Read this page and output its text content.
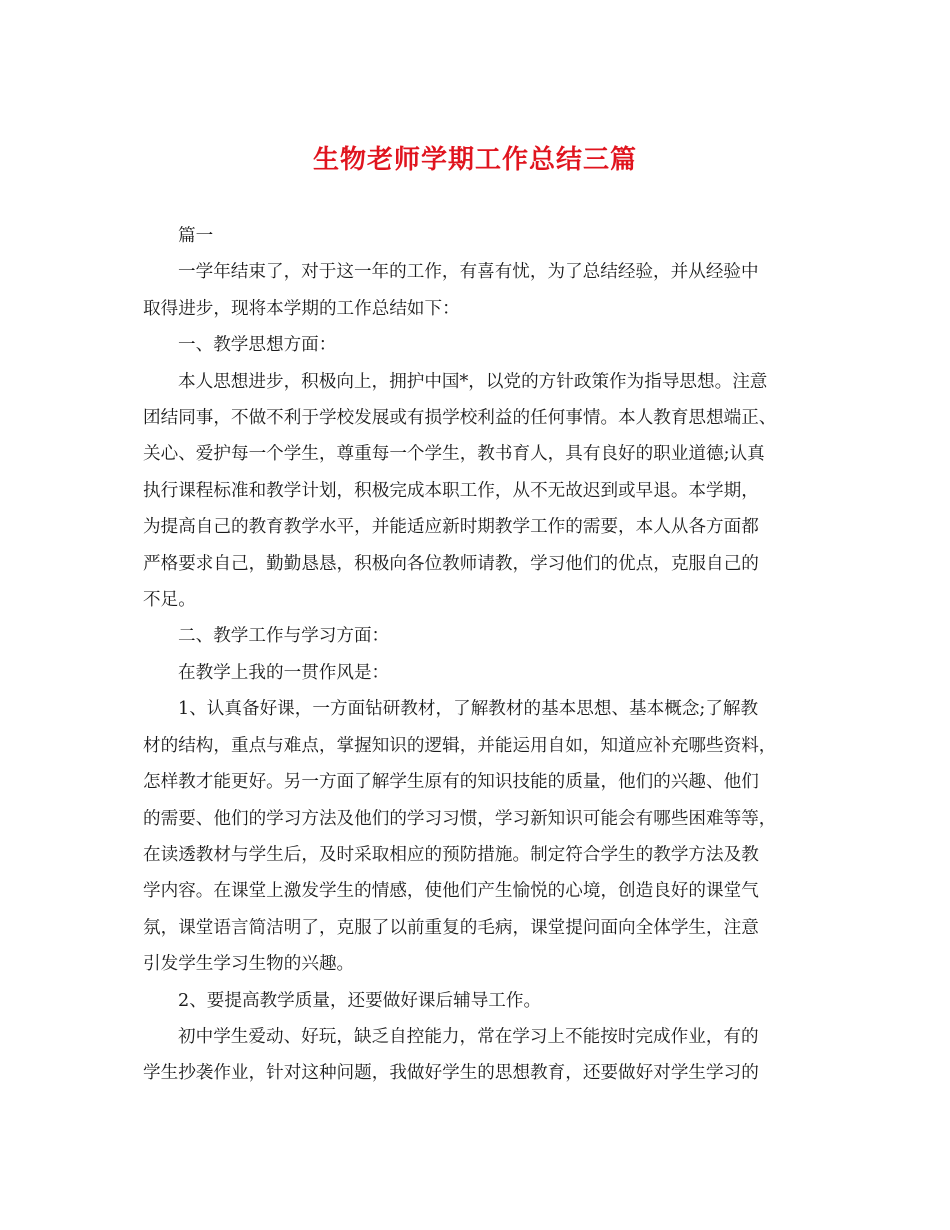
生物老师学期工作总结三篇
篇一
一学年结束了，对于这一年的工作，有喜有忧，为了总结经验，并从经验中
取得进步，现将本学期的工作总结如下：
一、教学思想方面：
本人思想进步，积极向上，拥护中国*，以党的方针政策作为指导思想。注意
团结同事，不做不利于学校发展或有损学校利益的任何事情。本人教育思想端正、
关心、爱护每一个学生，尊重每一个学生，教书育人，具有良好的职业道德;认真
执行课程标准和教学计划，积极完成本职工作，从不无故迟到或早退。本学期，
为提高自己的教育教学水平，并能适应新时期教学工作的需要，本人从各方面都
严格要求自己，勤勤恳恳，积极向各位教师请教，学习他们的优点，克服自己的
不足。
二、教学工作与学习方面：
在教学上我的一贯作风是：
1、认真备好课，一方面钻研教材，了解教材的基本思想、基本概念;了解教
材的结构，重点与难点，掌握知识的逻辑，并能运用自如，知道应补充哪些资料，
怎样教才能更好。另一方面了解学生原有的知识技能的质量，他们的兴趣、他们
的需要、他们的学习方法及他们的学习习惯，学习新知识可能会有哪些困难等等，
在读透教材与学生后，及时采取相应的预防措施。制定符合学生的教学方法及教
学内容。在课堂上激发学生的情感，使他们产生愉悦的心境，创造良好的课堂气
氛，课堂语言简洁明了，克服了以前重复的毛病，课堂提问面向全体学生，注意
引发学生学习生物的兴趣。
2、要提高教学质量，还要做好课后辅导工作。
初中学生爱动、好玩，缺乏自控能力，常在学习上不能按时完成作业，有的
学生抄袭作业，针对这种问题，我做好学生的思想教育，还要做好对学生学习的
